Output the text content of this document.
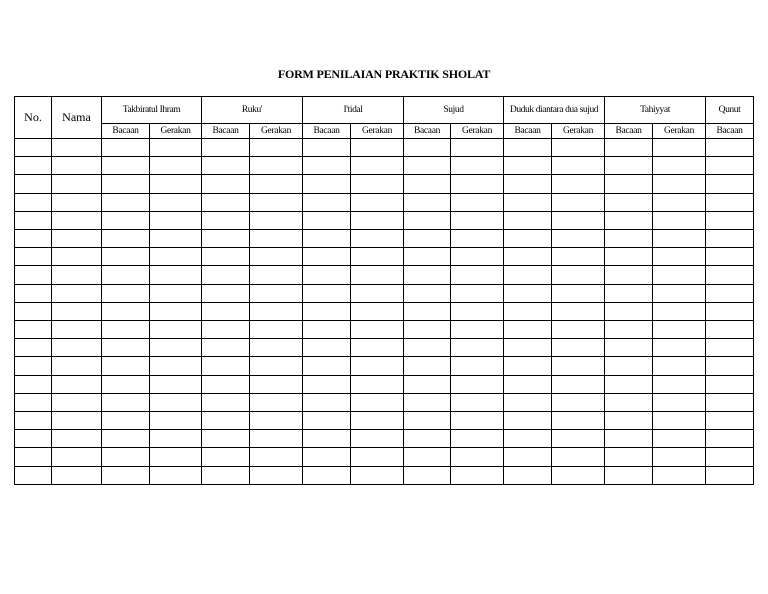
FORM PENILAIAN PRAKTIK SHOLAT
No.	Nama	Takbiratul Ihram		Ruku'		I'tidal		Sujud		Duduk diantara dua sujud		Tahiyyat		Qunut
		Bacaan	Gerakan	Bacaan	Gerakan	Bacaan	Gerakan	Bacaan	Gerakan	Bacaan	Gerakan	Bacaan	Gerakan	Bacaan
